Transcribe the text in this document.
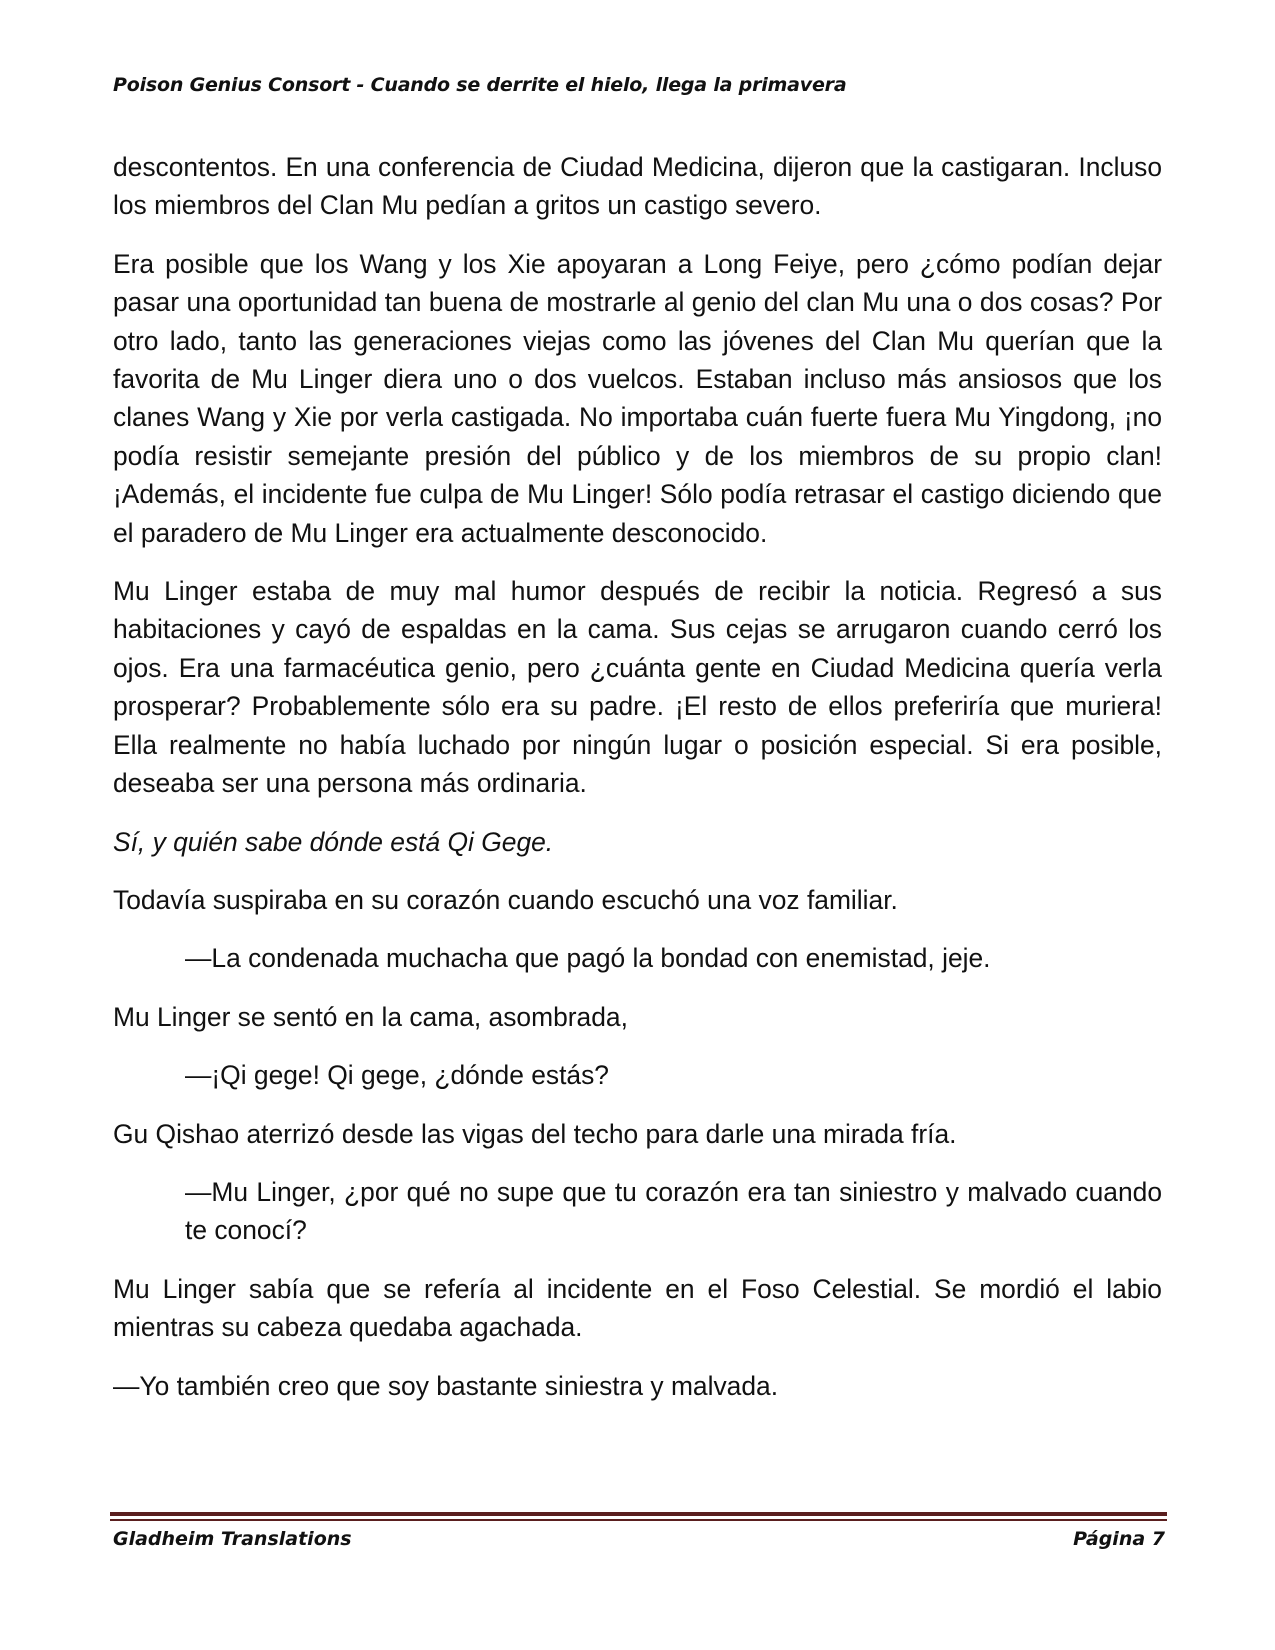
Poison Genius Consort - Cuando se derrite el hielo, llega la primavera

descontentos. En una conferencia de Ciudad Medicina, dijeron que la castigaran. Incluso los miembros del Clan Mu pedían a gritos un castigo severo.

Era posible que los Wang y los Xie apoyaran a Long Feiye, pero ¿cómo podían dejar pasar una oportunidad tan buena de mostrarle al genio del clan Mu una o dos cosas? Por otro lado, tanto las generaciones viejas como las jóvenes del Clan Mu querían que la favorita de Mu Linger diera uno o dos vuelcos. Estaban incluso más ansiosos que los clanes Wang y Xie por verla castigada. No importaba cuán fuerte fuera Mu Yingdong, ¡no podía resistir semejante presión del público y de los miembros de su propio clan! ¡Además, el incidente fue culpa de Mu Linger! Sólo podía retrasar el castigo diciendo que el paradero de Mu Linger era actualmente desconocido.

Mu Linger estaba de muy mal humor después de recibir la noticia. Regresó a sus habitaciones y cayó de espaldas en la cama. Sus cejas se arrugaron cuando cerró los ojos. Era una farmacéutica genio, pero ¿cuánta gente en Ciudad Medicina quería verla prosperar? Probablemente sólo era su padre. ¡El resto de ellos preferiría que muriera! Ella realmente no había luchado por ningún lugar o posición especial. Si era posible, deseaba ser una persona más ordinaria.

Sí, y quién sabe dónde está Qi Gege.

Todavía suspiraba en su corazón cuando escuchó una voz familiar.

—La condenada muchacha que pagó la bondad con enemistad, jeje.

Mu Linger se sentó en la cama, asombrada,

—¡Qi gege! Qi gege, ¿dónde estás?

Gu Qishao aterrizó desde las vigas del techo para darle una mirada fría.

—Mu Linger, ¿por qué no supe que tu corazón era tan siniestro y malvado cuando te conocí?

Mu Linger sabía que se refería al incidente en el Foso Celestial. Se mordió el labio mientras su cabeza quedaba agachada.

—Yo también creo que soy bastante siniestra y malvada.

Gladheim Translations	Página 7
